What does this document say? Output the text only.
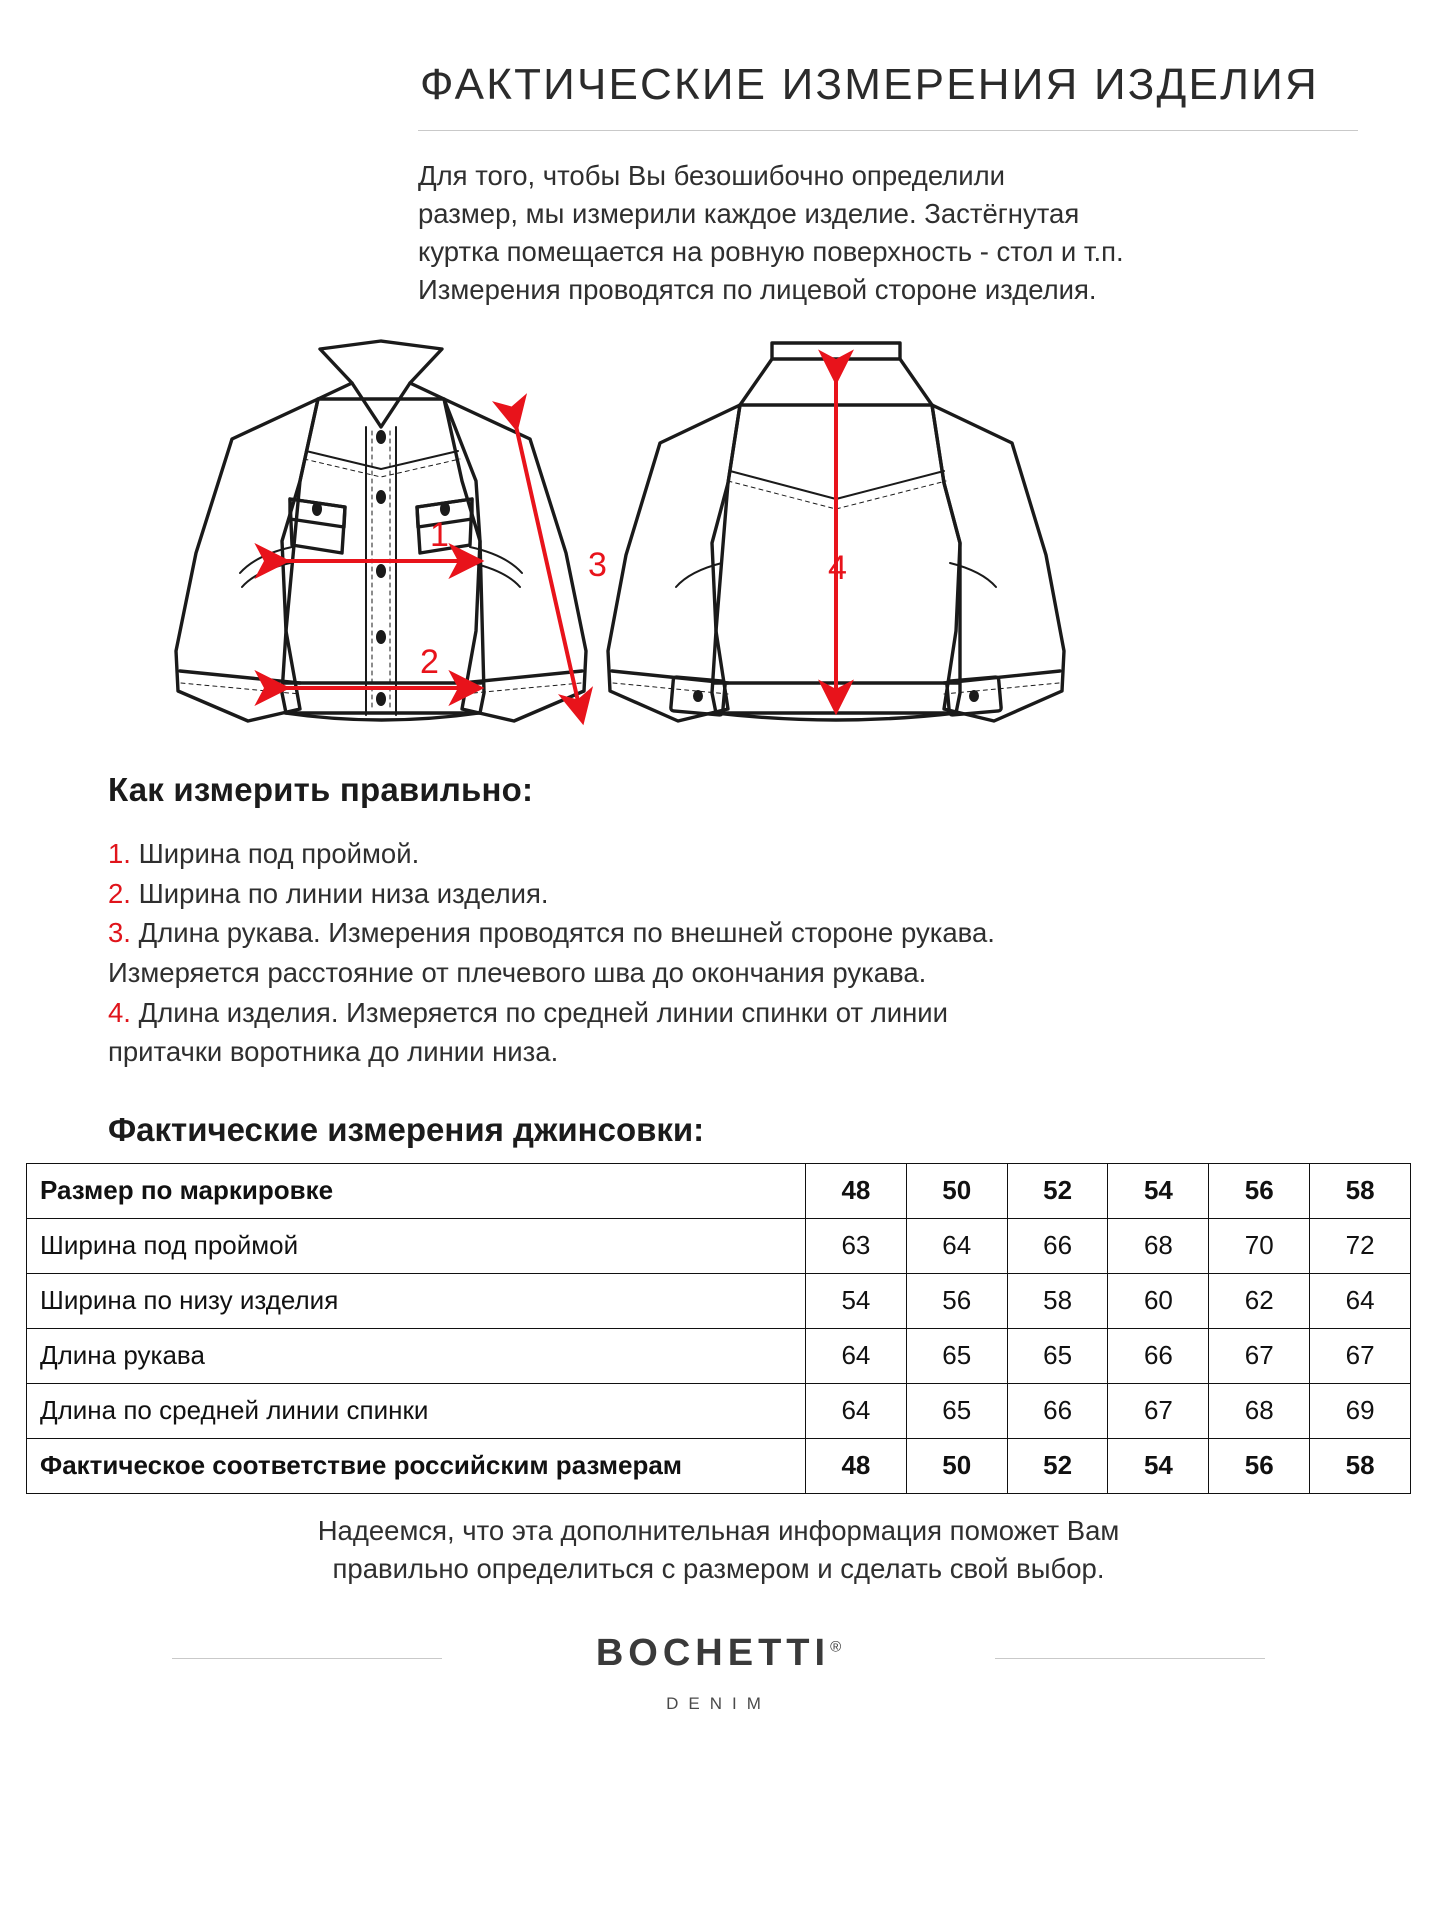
ФАКТИЧЕСКИЕ ИЗМЕРЕНИЯ ИЗДЕЛИЯ
Для того, чтобы Вы безошибочно определили
размер, мы измерили каждое изделие. Застёгнутая
куртка помещается на ровную поверхность - стол и т.п.
Измерения проводятся по лицевой стороне изделия.
1
2
3	4
Как измерить правильно:

1. Ширина под проймой.

2. Ширина по линии низа изделия.

3. Длина рукава. Измерения проводятся по внешней стороне рукава.

Измеряется расстояние от плечевого шва до окончания рукава.

4. Длина изделия. Измеряется по средней линии спинки от линии

притачки воротника до линии низа.

Фактические измерения джинсовки:
Размер по маркировке	48	50	52	54	56	58
Ширина под проймой	63	64	66	68	70	72
Ширина по низу изделия	54	56	58	60	62	64
Длина рукава	64	65	65	66	67	67
Длина по средней линии спинки	64	65	66	67	68	69
Фактическое соответствие российским размерам	48	50	52	54	56	58
Надеемся, что эта дополнительная информация поможет Вам
правильно определиться с размером и сделать свой выбор.
BOCHETTI®
DENIM
